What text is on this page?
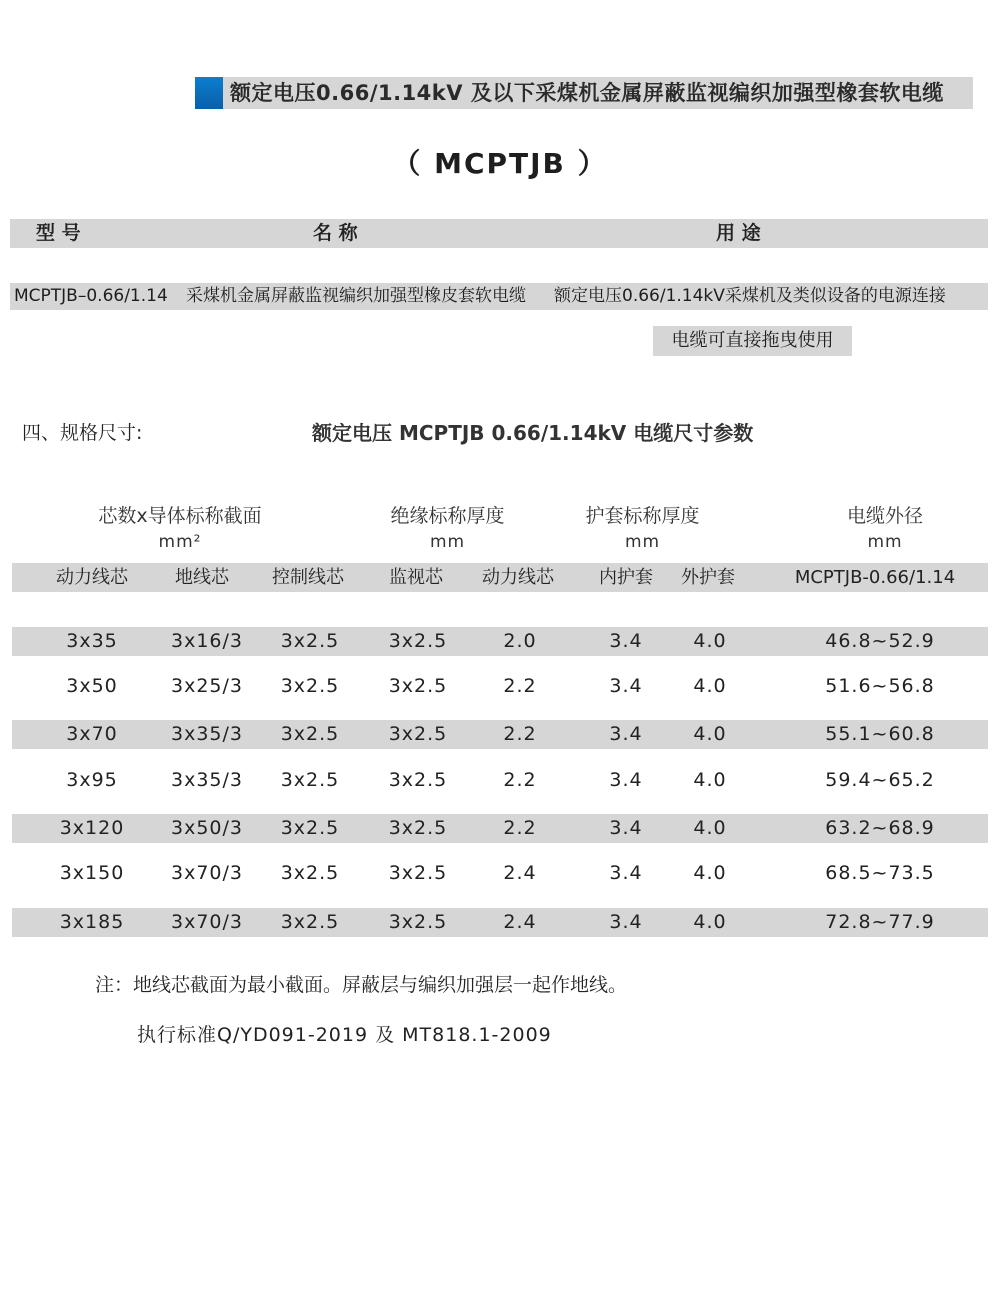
额定电压0.66/1.14kV 及以下采煤机金属屏蔽监视编织加强型橡套软电缆
（ MCPTJB ）
型 号	名 称	用 途
MCPTJB–0.66/1.14 采煤机金属屏蔽监视编织加强型橡皮套软电缆 额定电压0.66/1.14kV采煤机及类似设备的电源连接
电缆可直接拖曳使用
四、规格尺寸:	额定电压 MCPTJB 0.66/1.14kV 电缆尺寸参数
芯数x导体标称截面
mm²
绝缘标称厚度
mm
护套标称厚度
mm
电缆外径
mm
动力线芯	地线芯	控制线芯	监视芯	动力线芯	内护套	外护套	MCPTJB-0.66/1.14
3x35	3x16/3	3x2.5	3x2.5	2.0	3.4	4.0	46.8~52.9
3x50	3x25/3	3x2.5	3x2.5	2.2	3.4	4.0	51.6~56.8
3x70	3x35/3	3x2.5	3x2.5	2.2	3.4	4.0	55.1~60.8
3x95	3x35/3	3x2.5	3x2.5	2.2	3.4	4.0	59.4~65.2
3x120	3x50/3	3x2.5	3x2.5	2.2	3.4	4.0	63.2~68.9
3x150	3x70/3	3x2.5	3x2.5	2.4	3.4	4.0	68.5~73.5
3x185	3x70/3	3x2.5	3x2.5	2.4	3.4	4.0	72.8~77.9
注：地线芯截面为最小截面。屏蔽层与编织加强层一起作地线。
执行标准Q/YD091-2019 及 MT818.1-2009
